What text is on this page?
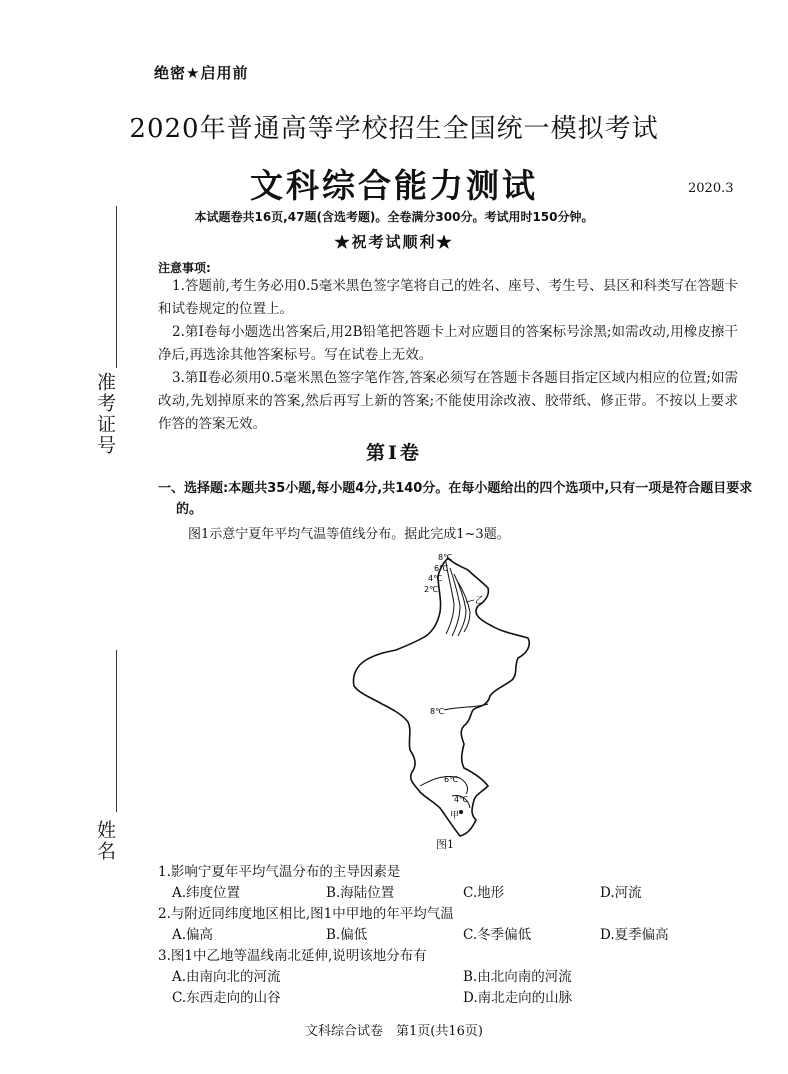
绝密★启用前
2020年普通高等学校招生全国统一模拟考试
文科综合能力测试	2020.3
本试题卷共16页,47题(含选考题)。全卷满分300分。考试用时150分钟。
★祝考试顺利★
准考证号
姓名
注意事项:
1.答题前,考生务必用0.5毫米黑色签字笔将自己的姓名、座号、考生号、县区和科类写在答题卡和试卷规定的位置上。
2.第Ⅰ卷每小题选出答案后,用2B铅笔把答题卡上对应题目的答案标号涂黑;如需改动,用橡皮擦干净后,再选涂其他答案标号。写在试卷上无效。
3.第Ⅱ卷必须用0.5毫米黑色签字笔作答,答案必须写在答题卡各题目指定区域内相应的位置;如需改动,先划掉原来的答案,然后再写上新的答案;不能使用涂改液、胶带纸、修正带。不按以上要求作答的答案无效。
第Ⅰ卷
一、选择题:本题共35小题,每小题4分,共140分。在每小题给出的四个选项中,只有一项是符合题目要求的。
图1示意宁夏年平均气温等值线分布。据此完成1~3题。
8℃
6℃
4℃
2℃
乙
8℃
6℃
4℃
甲
图1
1.影响宁夏年平均气温分布的主导因素是
A.纬度位置	B.海陆位置	C.地形	D.河流
2.与附近同纬度地区相比,图1中甲地的年平均气温
A.偏高	B.偏低	C.冬季偏低	D.夏季偏高
3.图1中乙地等温线南北延伸,说明该地分布有
A.由南向北的河流	B.由北向南的河流
C.东西走向的山谷	D.南北走向的山脉
文科综合试卷　第1页(共16页)
